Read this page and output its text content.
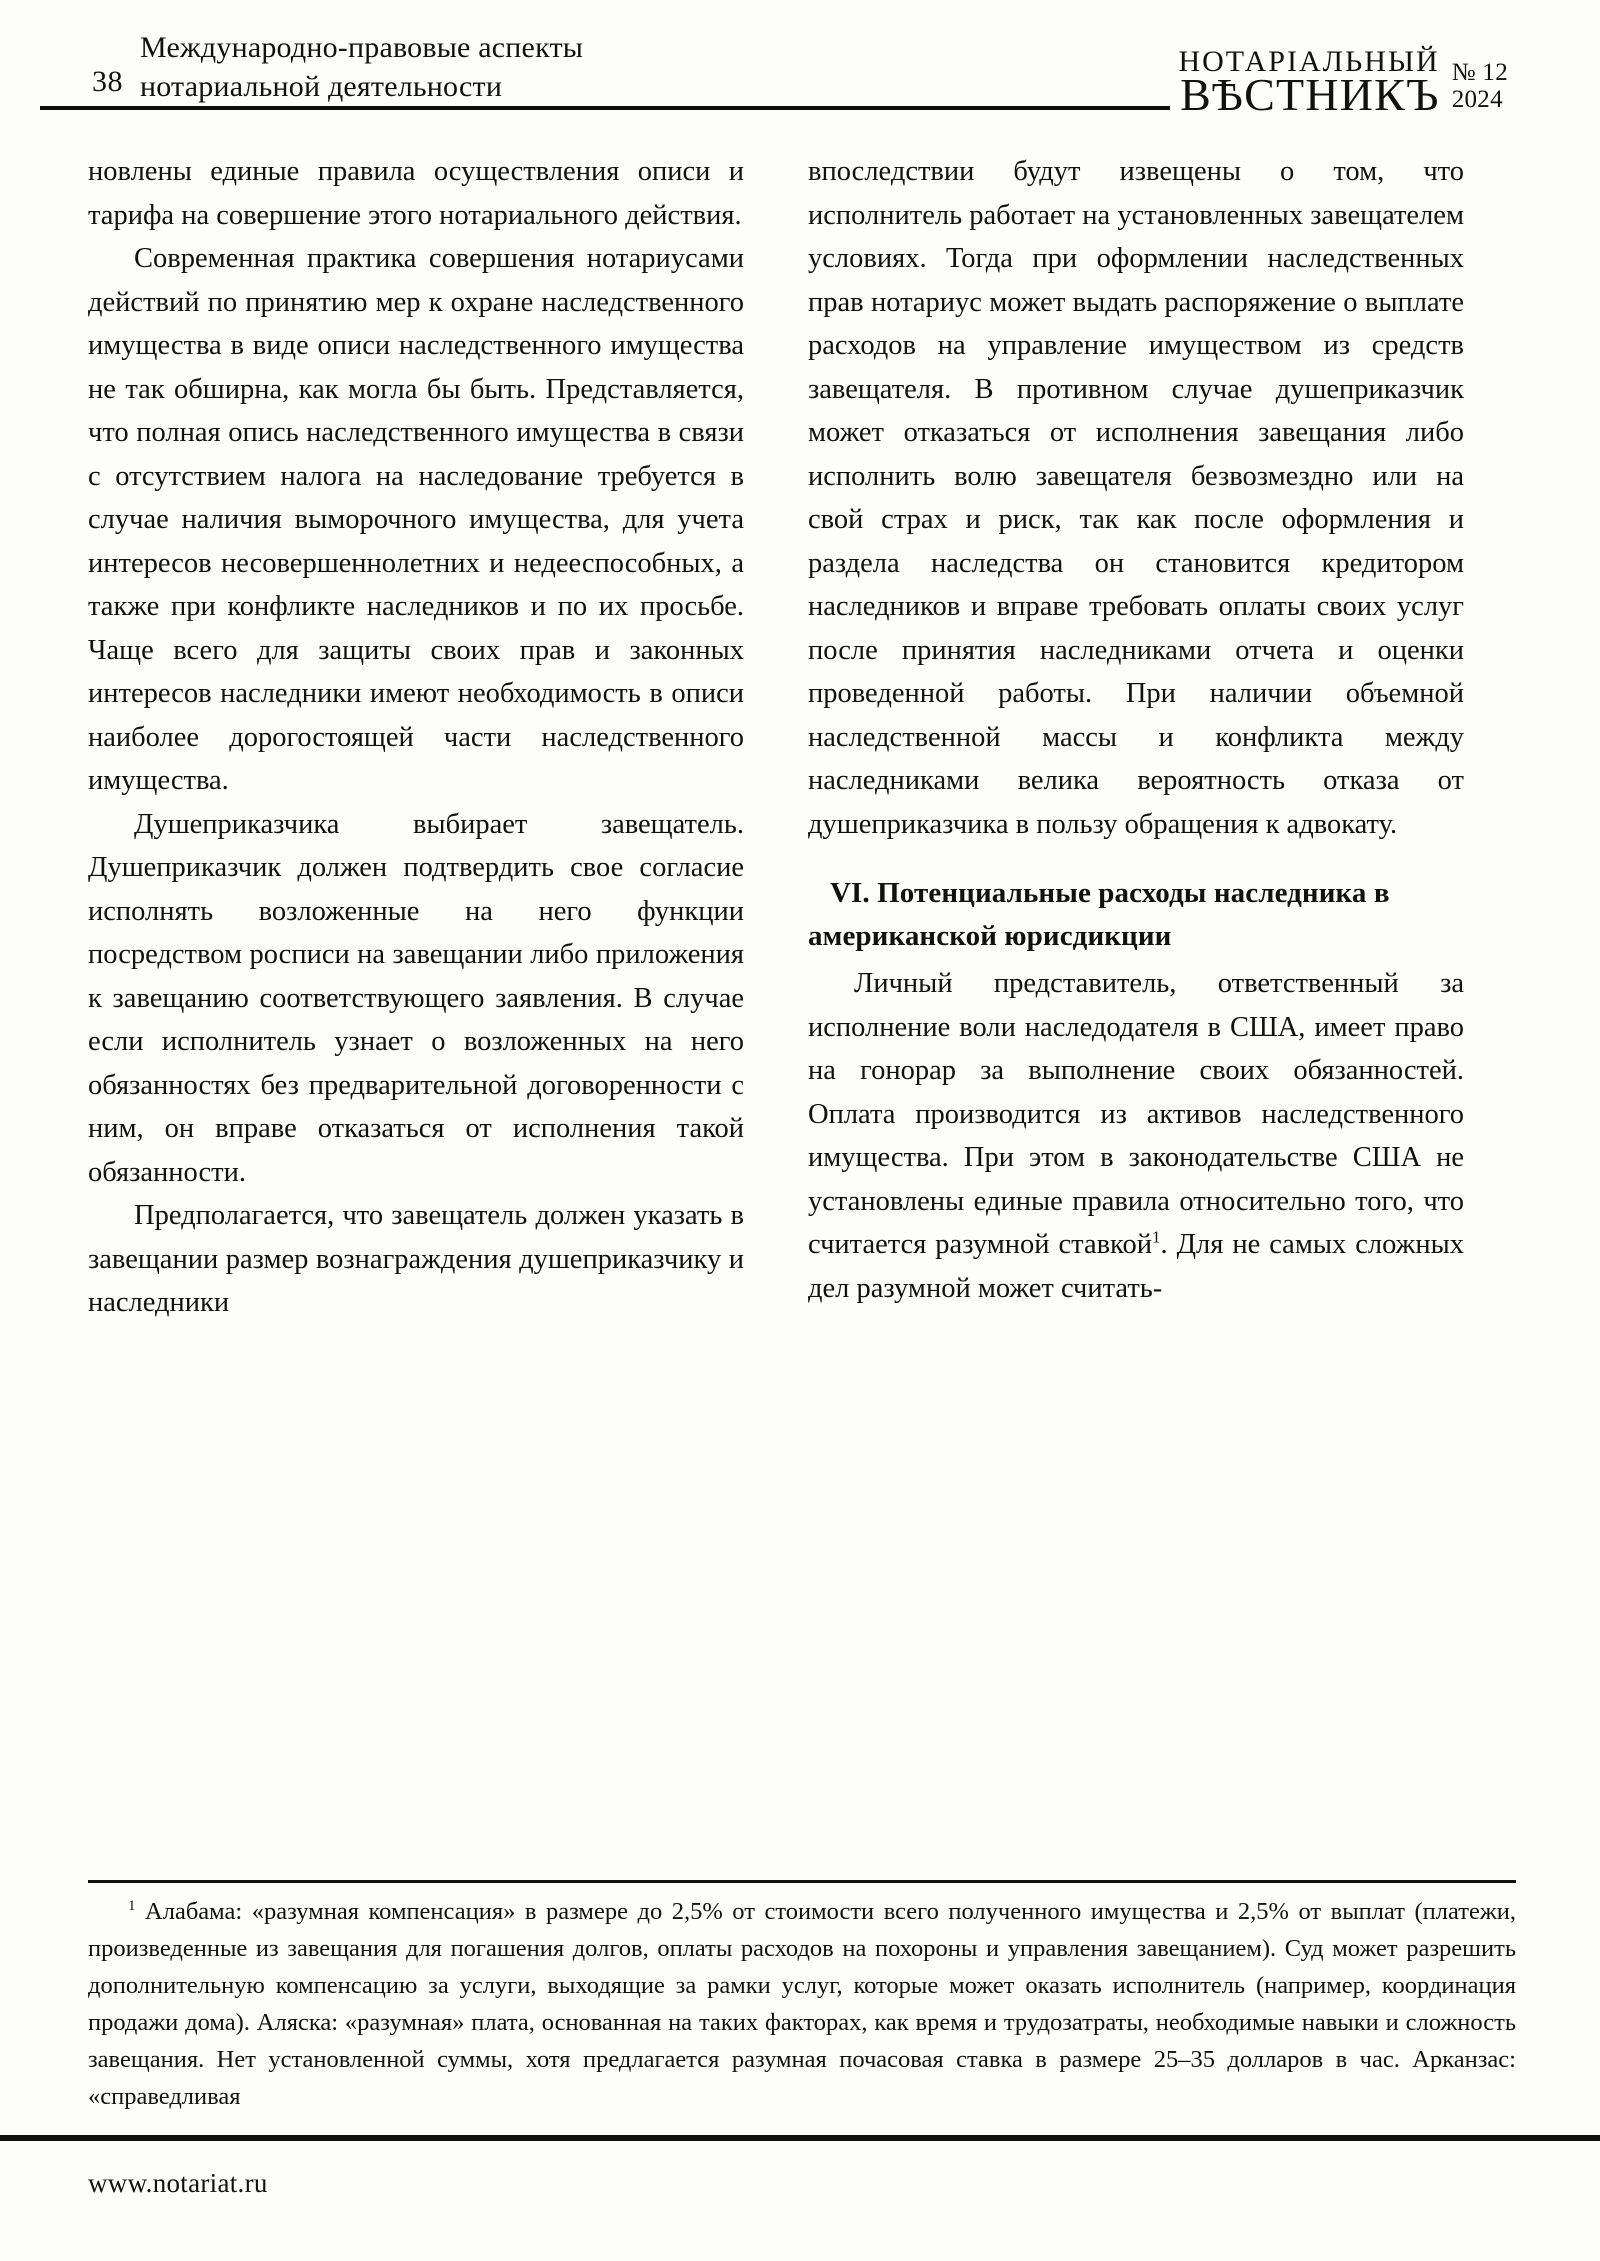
38
Международно-правовые аспекты
нотариальной деятельности
НОТАРІАЛЬНЫЙ
ВѢСТНИКЪ № 12
2024

новлены единые правила осуществления описи и тарифа на совершение этого нотариального действия.

Современная практика совершения нотариусами действий по принятию мер к охране наследственного имущества в виде описи наследственного имущества не так обширна, как могла бы быть. Представляется, что полная опись наследственного имущества в связи с отсутствием налога на наследование требуется в случае наличия выморочного имущества, для учета интересов несовершеннолетних и недееспособных, а также при конфликте наследников и по их просьбе. Чаще всего для защиты своих прав и законных интересов наследники имеют необходимость в описи наиболее дорогостоящей части наследственного имущества.

Душеприказчика выбирает завещатель. Душеприказчик должен подтвердить свое согласие исполнять возложенные на него функции посредством росписи на завещании либо приложения к завещанию соответствующего заявления. В случае если исполнитель узнает о возложенных на него обязанностях без предварительной договоренности с ним, он вправе отказаться от исполнения такой обязанности.

Предполагается, что завещатель должен указать в завещании размер вознаграждения душеприказчику и наследники

впоследствии будут извещены о том, что исполнитель работает на установленных завещателем условиях. Тогда при оформлении наследственных прав нотариус может выдать распоряжение о выплате расходов на управление имуществом из средств завещателя. В противном случае душеприказчик может отказаться от исполнения завещания либо исполнить волю завещателя безвозмездно или на свой страх и риск, так как после оформления и раздела наследства он становится кредитором наследников и вправе требовать оплаты своих услуг после принятия наследниками отчета и оценки проведенной работы. При наличии объемной наследственной массы и конфликта между наследниками велика вероятность отказа от душеприказчика в пользу обращения к адвокату.

VI. Потенциальные расходы наследника в американской юрисдикции

Личный представитель, ответственный за исполнение воли наследодателя в США, имеет право на гонорар за выполнение своих обязанностей. Оплата производится из активов наследственного имущества. При этом в законодательстве США не установлены единые правила относительно того, что считается разумной ставкой$^1$. Для не самых сложных дел разумной может считать-

$^1$ Алабама: «разумная компенсация» в размере до 2,5% от стоимости всего полученного имущества и 2,5% от выплат (платежи, произведенные из завещания для погашения долгов, оплаты расходов на похороны и управления завещанием). Суд может разрешить дополнительную компенсацию за услуги, выходящие за рамки услуг, которые может оказать исполнитель (например, координация продажи дома). Аляска: «разумная» плата, основанная на таких факторах, как время и трудозатраты, необходимые навыки и сложность завещания. Нет установленной суммы, хотя предлагается разумная почасовая ставка в размере 25–35 долларов в час. Арканзас: «справедливая
www.notariat.ru
